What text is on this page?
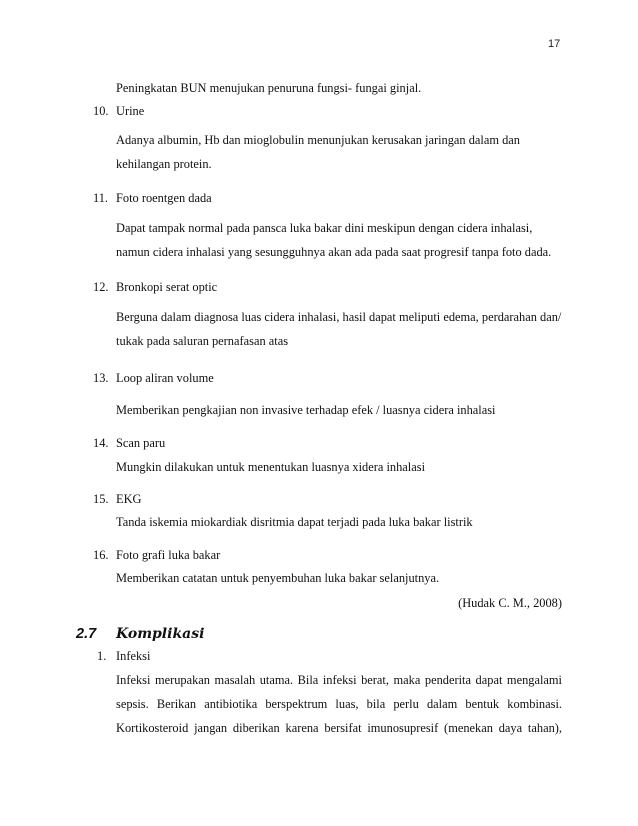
17
Peningkatan BUN menujukan penuruna fungsi- fungai ginjal.
10. Urine
Adanya albumin, Hb dan mioglobulin menunjukan kerusakan jaringan dalam dan
kehilangan protein.
11. Foto roentgen dada
Dapat tampak normal pada pansca luka bakar dini meskipun dengan cidera inhalasi,
namun cidera inhalasi yang sesungguhnya akan ada pada saat progresif tanpa foto dada.
12. Bronkopi serat optic
Berguna dalam diagnosa luas cidera inhalasi, hasil dapat meliputi edema, perdarahan dan/
tukak pada saluran pernafasan atas
13. Loop aliran volume
Memberikan pengkajian non invasive terhadap efek / luasnya cidera inhalasi
14. Scan paru
Mungkin dilakukan untuk menentukan luasnya xidera inhalasi
15. EKG
Tanda iskemia miokardiak disritmia dapat terjadi pada luka bakar listrik
16. Foto grafi luka bakar
Memberikan catatan untuk penyembuhan luka bakar selanjutnya.
(Hudak C. M., 2008)
2.7 Komplikasi
1. Infeksi
Infeksi merupakan masalah utama. Bila infeksi berat, maka penderita dapat mengalami
sepsis. Berikan antibiotika berspektrum luas, bila perlu dalam bentuk kombinasi.
Kortikosteroid jangan diberikan karena bersifat imunosupresif (menekan daya tahan),
